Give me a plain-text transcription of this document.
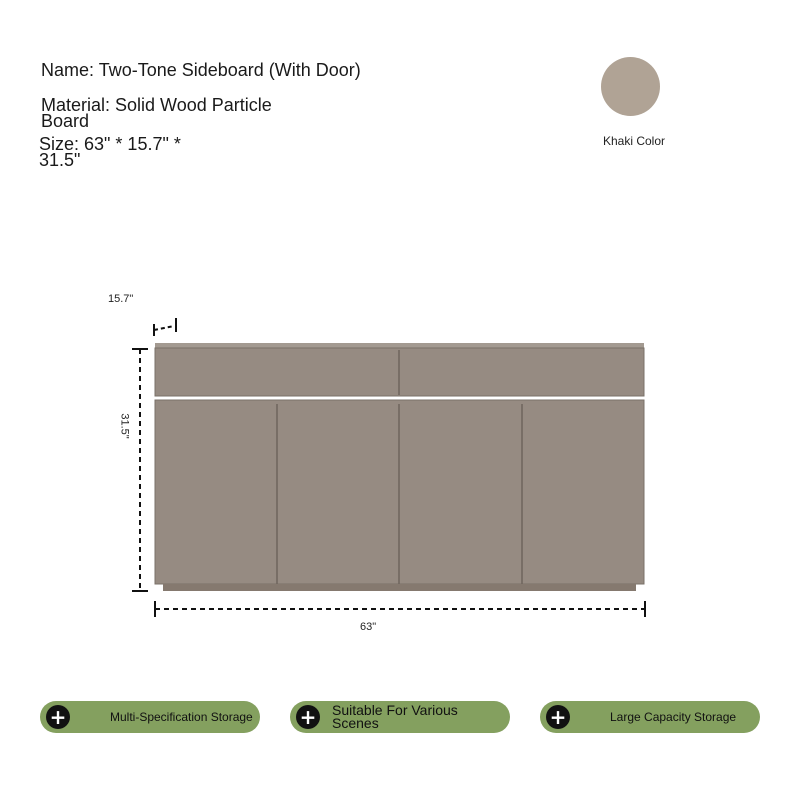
Name: Two-Tone Sideboard (With Door)
Material: Solid Wood Particle Board
Size: 63" * 15.7" * 31.5"
Khaki Color
15.7"
31.5"
63"
+	Multi-Specification Storage + Suitable For Various Scenes	+	Large Capacity Storage
